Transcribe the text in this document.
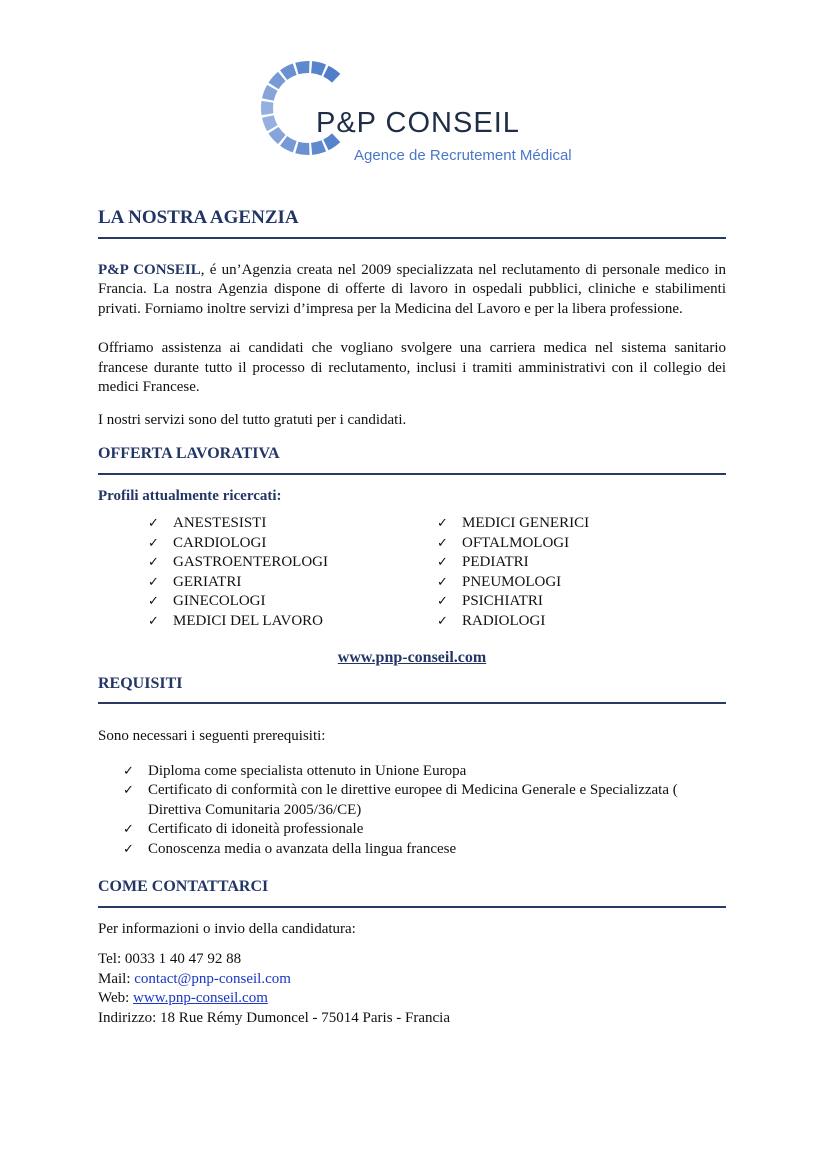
P&P CONSEIL
Agence de Recrutement Médical
LA NOSTRA AGENZIA

P&P CONSEIL, é un’Agenzia creata nel 2009 specializzata nel reclutamento di personale medico in Francia. La nostra Agenzia dispone di offerte di lavoro in ospedali pubblici, cliniche e stabilimenti privati. Forniamo inoltre servizi d’impresa per la Medicina del Lavoro e per la libera professione.

Offriamo assistenza ai candidati che vogliano svolgere una carriera medica nel sistema sanitario francese durante tutto il processo di reclutamento, inclusi i tramiti amministrativi con il collegio dei medici Francese.

I nostri servizi sono del tutto gratuti per i candidati.

OFFERTA LAVORATIVA

Profili attualmente ricercati:

✓ ANESTESISTI
✓ CARDIOLOGI
✓ GASTROENTEROLOGI
✓ GERIATRI
✓ GINECOLOGI
✓ MEDICI DEL LAVORO
✓ MEDICI GENERICI
✓ OFTALMOLOGI
✓ PEDIATRI
✓ PNEUMOLOGI
✓ PSICHIATRI
✓ RADIOLOGI

www.pnp-conseil.com

REQUISITI

Sono necessari i seguenti prerequisiti:

✓ Diploma come specialista ottenuto in Unione Europa
✓ Certificato di conformità con le direttive europee di Medicina Generale e Specializzata ( Direttiva Comunitaria 2005/36/CE)
✓ Certificato di idoneità professionale
✓ Conoscenza media o avanzata della lingua francese
COME CONTATTARCI

Per informazioni o invio della candidatura:

Tel: 0033 1 40 47 92 88

Mail: contact@pnp-conseil.com

Web: www.pnp-conseil.com

Indirizzo: 18 Rue Rémy Dumoncel - 75014 Paris - Francia
